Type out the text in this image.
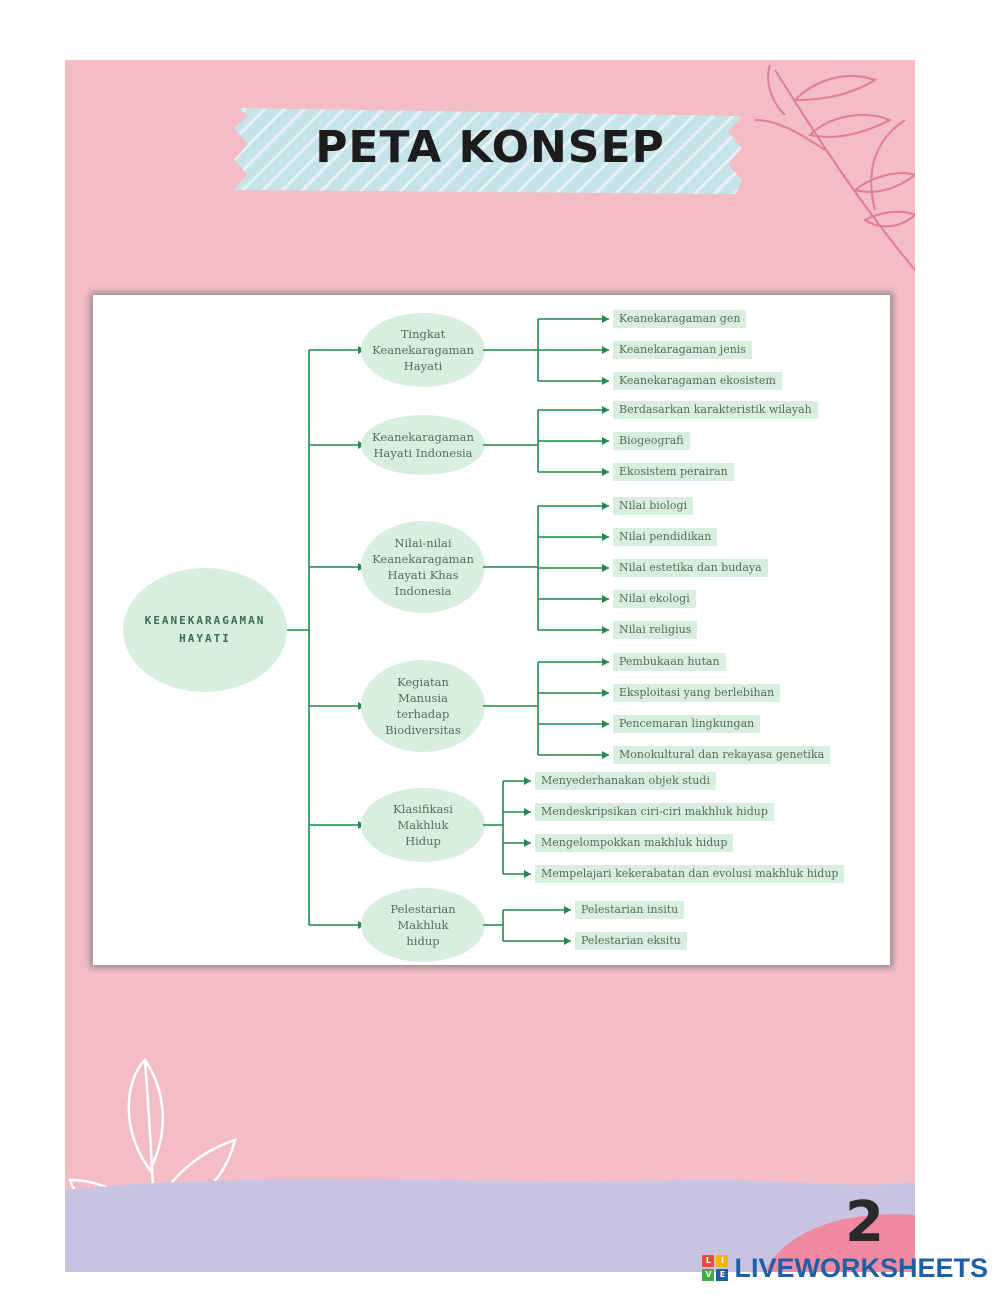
PETA KONSEP
2
KEANEKARAGAMAN
HAYATI
Tingkat
Keanekaragaman
Hayati
Keanekaragaman gen
Keanekaragaman jenis
Keanekaragaman ekosistem
Keanekaragaman
Hayati Indonesia
Berdasarkan karakteristik wilayah
Biogeografi
Ekosistem perairan
Nilai-nilai
Keanekaragaman
Hayati Khas
Indonesia
Nilai biologi
Nilai pendidikan
Nilai estetika dan budaya
Nilai ekologi
Nilai religius
Kegiatan
Manusia
terhadap
Biodiversitas
Pembukaan hutan
Eksploitasi yang berlebihan
Pencemaran lingkungan
Monokultural dan rekayasa genetika
Klasifikasi
Makhluk
Hidup
Menyederhanakan objek studi
Mendeskripsikan ciri-ciri makhluk hidup
Mengelompokkan makhluk hidup
Mempelajari kekerabatan dan evolusi makhluk hidup
Pelestarian
Makhluk
hidup
Pelestarian insitu
Pelestarian eksitu
L	I
V	E LIVEWORKSHEETS
